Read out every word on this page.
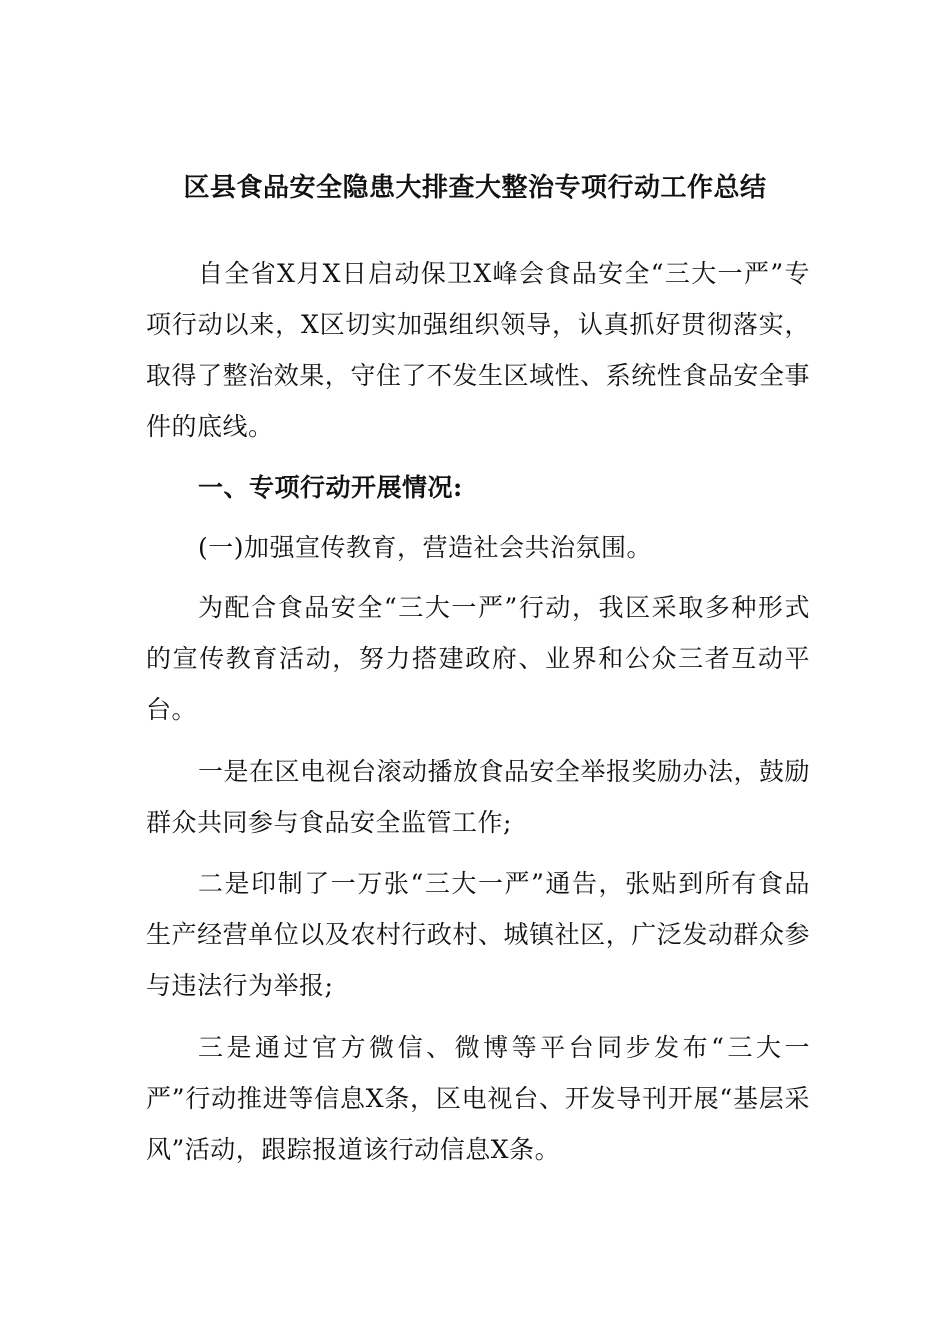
区县食品安全隐患大排查大整治专项行动工作总结

自全省X月X日启动保卫X峰会食品安全“三大一严”专项行动以来，X区切实加强组织领导，认真抓好贯彻落实，取得了整治效果，守住了不发生区域性、系统性食品安全事件的底线。

一、专项行动开展情况:

(一)加强宣传教育，营造社会共治氛围。

为配合食品安全“三大一严”行动，我区采取多种形式的宣传教育活动，努力搭建政府、业界和公众三者互动平台。

一是在区电视台滚动播放食品安全举报奖励办法，鼓励群众共同参与食品安全监管工作;

二是印制了一万张“三大一严”通告，张贴到所有食品生产经营单位以及农村行政村、城镇社区，广泛发动群众参与违法行为举报;

三是通过官方微信、微博等平台同步发布“三大一严”行动推进等信息X条，区电视台、开发导刊开展“基层采风”活动，跟踪报道该行动信息X条。
